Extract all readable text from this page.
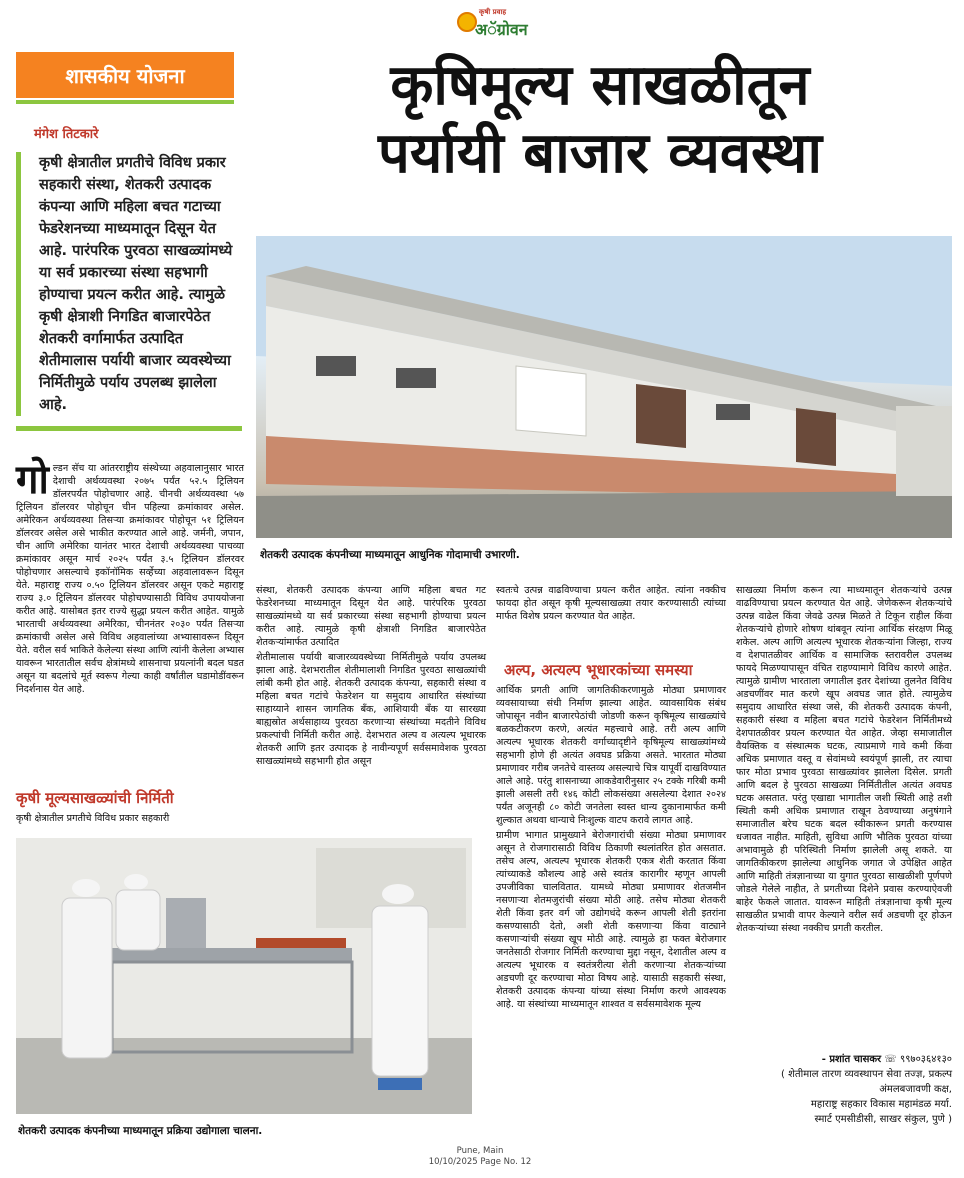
कृषी प्रवाह
अॅग्रोवन
शासकीय योजना	कृषिमूल्य साखळीतून
पर्यायी बाजार व्यवस्था
मंगेश तिटकारे
कृषी क्षेत्रातील प्रगतीचे विविध प्रकार सहकारी संस्था, शेतकरी उत्पादक कंपन्या आणि महिला बचत गटाच्या फेडरेशनच्या माध्यमातून दिसून येत आहे. पारंपरिक पुरवठा साखळ्यांमध्ये या सर्व प्रकारच्या संस्था सहभागी होण्याचा प्रयत्न करीत आहे. त्यामुळे कृषी क्षेत्राशी निगडित बाजारपेठेत शेतकरी वर्गामार्फत उत्पादित शेतीमालास पर्यायी बाजार व्यवस्थेच्या निर्मितीमुळे पर्याय उपलब्ध झालेला आहे.
शेतकरी उत्पादक कंपनीच्या माध्यमातून आधुनिक गोदामाची उभारणी.
गो ल्डन सॅच या आंतरराष्ट्रीय संस्थेच्या अहवालानुसार भारत देशाची अर्थव्यवस्था २०७५ पर्यंत ५२.५ ट्रिलियन डॉलरपर्यंत पोहोचणार आहे. चीनची अर्थव्यवस्था ५७ ट्रिलियन डॉलरवर पोहोचून चीन पहिल्या क्रमांकावर असेल. अमेरिकन अर्थव्यवस्था तिसऱ्या क्रमांकावर पोहोचून ५१ ट्रिलियन डॉलरवर असेल असे भाकीत करण्यात आले आहे. जर्मनी, जपान, चीन आणि अमेरिका यानंतर भारत देशाची अर्थव्यवस्था पाचव्या क्रमांकावर असून मार्च २०२५ पर्यंत ३.५ ट्रिलियन डॉलरवर पोहोचणार असल्याचे इकॉनॉमिक सर्व्हेच्या अहवालावरून दिसून येते. महाराष्ट्र राज्य ०.५० ट्रिलियन डॉलरवर असून एकटे महाराष्ट्र राज्य ३.० ट्रिलियन डॉलरवर पोहोचण्यासाठी विविध उपाययोजना करीत आहे. यासोबत इतर राज्ये सुद्धा प्रयत्न करीत आहेत. यामुळे भारताची अर्थव्यवस्था अमेरिका, चीननंतर २०३० पर्यंत तिसऱ्या क्रमांकाची असेल असे विविध अहवालांच्या अभ्यासावरून दिसून येते. वरील सर्व भाकिते केलेल्या संस्था आणि त्यांनी केलेला अभ्यास यावरून भारतातील सर्वच क्षेत्रांमध्ये शासनाचा प्रयत्नांनी बदल घडत असून या बदलांचे मूर्त स्वरूप गेल्या काही वर्षांतील घडामोडींवरून निदर्शनास येत आहे.

कृषी मूल्यसाखळ्यांची निर्मिती

कृषी क्षेत्रातील प्रगतीचे विविध प्रकार सहकारी

संस्था, शेतकरी उत्पादक कंपन्या आणि महिला बचत गट फेडरेशनच्या माध्यमातून दिसून येत आहे. पारंपरिक पुरवठा साखळ्यांमध्ये या सर्व प्रकारच्या संस्था सहभागी होण्याचा प्रयत्न करीत आहे. त्यामुळे कृषी क्षेत्राशी निगडित बाजारपेठेत शेतकऱ्यांमार्फत उत्पादित

शेतीमालास पर्यायी बाजारव्यवस्थेच्या निर्मितीमुळे पर्याय उपलब्ध झाला आहे. देशभरातील शेतीमालाशी निगडित पुरवठा साखळ्यांची लांबी कमी होत आहे. शेतकरी उत्पादक कंपन्या, सहकारी संस्था व महिला बचत गटांचे फेडरेशन या समुदाय आधारित संस्थांच्या साहाय्याने शासन जागतिक बँक, आशियायी बँक या सारख्या बाह्यस्रोत अर्थसाहाय्य पुरवठा करणाऱ्या संस्थांच्या मदतीने विविध प्रकल्पांची निर्मिती करीत आहे. देशभरात अल्प व अत्यल्प भूधारक शेतकरी आणि इतर उत्पादक हे नावीन्यपूर्ण सर्वसमावेशक पुरवठा साखळ्यांमध्ये सहभागी होत असून

स्वतःचे उत्पन्न वाढविण्याचा प्रयत्न करीत आहेत. त्यांना नक्कीच फायदा होत असून कृषी मूल्यसाखळ्या तयार करण्यासाठी त्यांच्या मार्फत विशेष प्रयत्न करण्यात येत आहेत.

अल्प, अत्यल्प भूधारकांच्या समस्या

आर्थिक प्रगती आणि जागतिकीकरणामुळे मोठ्या प्रमाणावर व्यवसायाच्या संधी निर्माण झाल्या आहेत. व्यावसायिक संबंध जोपासून नवीन बाजारपेठांची जोडणी करून कृषिमूल्य साखळ्यांचे बळकटीकरण करणे, अत्यंत महत्त्वाचे आहे. तरी अल्प आणि अत्यल्प भूधारक शेतकरी वर्गाच्यादृष्टीने कृषिमूल्य साखळ्यांमध्ये सहभागी होणे ही अत्यंत अवघड प्रक्रिया असते. भारतात मोठ्या प्रमाणावर गरीब जनतेचे वास्तव्य असल्याचे चित्र यापूर्वी दाखविण्यात आले आहे. परंतु शासनाच्या आकडेवारीनुसार २५ टक्के गरिबी कमी झाली असली तरी १४६ कोटी लोकसंख्या असलेल्या देशात २०२४ पर्यंत अजूनही ८० कोटी जनतेला स्वस्त धान्य दुकानामार्फत कमी शुल्कात अथवा धान्याचे निःशुल्क वाटप करावे लागत आहे.

ग्रामीण भागात प्रामुख्याने बेरोजगारांची संख्या मोठ्या प्रमाणावर असून ते रोजगारासाठी विविध ठिकाणी स्थलांतरित होत असतात. तसेच अल्प, अत्यल्प भूधारक शेतकरी एकत्र शेती करतात किंवा त्यांच्याकडे कौशल्य आहे असे स्वतंत्र कारागीर म्हणून आपली उपजीविका चालवितात. यामध्ये मोठ्या प्रमाणावर शेतजमीन नसणाऱ्या शेतमजुरांची संख्या मोठी आहे. तसेच मोठ्या शेतकरी शेती किंवा इतर वर्ग जो उद्योगधंदे करून आपली शेती इतरांना कसण्यासाठी देतो, अशी शेती कसणाऱ्या किंवा वाट्याने कसणाऱ्यांची संख्या खूप मोठी आहे. त्यामुळे हा फक्त बेरोजगार जनतेसाठी रोजगार निर्मिती करण्याचा मुद्दा नसून, देशातील अल्प व अत्यल्प भूधारक व स्वतंत्ररीत्या शेती करणाऱ्या शेतकऱ्यांच्या अडचणी दूर करण्याचा मोठा विषय आहे. यासाठी सहकारी संस्था, शेतकरी उत्पादक कंपन्या यांच्या संस्था निर्माण करणे आवश्यक आहे. या संस्थांच्या माध्यमातून शाश्वत व सर्वसमावेशक मूल्य

साखळ्या निर्माण करून त्या माध्यमातून शेतकऱ्यांचे उत्पन्न वाढविण्याचा प्रयत्न करण्यात येत आहे. जेणेकरून शेतकऱ्यांचे उत्पन्न वाढेल किंवा जेवढे उत्पन्न मिळते ते टिकून राहील किंवा शेतकऱ्यांचे होणारे शोषण थांबवून त्यांना आर्थिक संरक्षण मिळू शकेल. अल्प आणि अत्यल्प भूधारक शेतकऱ्यांना जिल्हा, राज्य व देशपातळीवर आर्थिक व सामाजिक स्तरावरील उपलब्ध फायदे मिळण्यापासून वंचित राहण्यामागे विविध कारणे आहेत. त्यामुळे ग्रामीण भारताला जगातील इतर देशांच्या तुलनेत विविध अडचणींवर मात करणे खूप अवघड जात होते. त्यामुळेच समुदाय आधारित संस्था जसे, की शेतकरी उत्पादक कंपनी, सहकारी संस्था व महिला बचत गटांचे फेडरेशन निर्मितीमध्ये देशपातळीवर प्रयत्न करण्यात येत आहेत. जेव्हा समाजातील वैयक्तिक व संस्थात्मक घटक, त्याप्रमाणे गावे कमी किंवा अधिक प्रमाणात वस्तू व सेवांमध्ये स्वयंपूर्ण झाली, तर त्याचा फार मोठा प्रभाव पुरवठा साखळ्यांवर झालेला दिसेल. प्रगती आणि बदल हे पुरवठा साखळ्या निर्मितीतील अत्यंत अवघड घटक असतात. परंतु एखाद्या भागातील जशी स्थिती आहे तशी स्थिती कमी अधिक प्रमाणात राखून ठेवण्याच्या अनुषंगाने समाजातील बरेच घटक बदल स्वीकारून प्रगती करण्यास धजावत नाहीत. माहिती, सुविधा आणि भौतिक पुरवठा यांच्या अभावामुळे ही परिस्थिती निर्माण झालेली असू शकते. या जागतिकीकरण झालेल्या आधुनिक जगात जे उपेक्षित आहेत आणि माहिती तंत्रज्ञानाच्या या युगात पुरवठा साखळीशी पूर्णपणे जोडले गेलेले नाहीत, ते प्रगतीच्या दिशेने प्रवास करण्याऐवजी बाहेर फेकले जातात. यावरून माहिती तंत्रज्ञानाचा कृषी मूल्य साखळीत प्रभावी वापर केल्याने वरील सर्व अडचणी दूर होऊन शेतकऱ्यांच्या संस्था नक्कीच प्रगती करतील.

शेतकरी उत्पादक कंपनीच्या माध्यमातून प्रक्रिया उद्योगाला चालना.
- प्रशांत चासकर ☏ ९९७०३६४१३०
( शेतीमाल तारण व्यवस्थापन सेवा तज्ज्ञ, प्रकल्प अंमलबजावणी कक्ष,
महाराष्ट्र सहकार विकास महामंडळ मर्या.
स्मार्ट एमसीडीसी, साखर संकुल, पुणे )
Pune, Main
10/10/2025 Page No. 12
